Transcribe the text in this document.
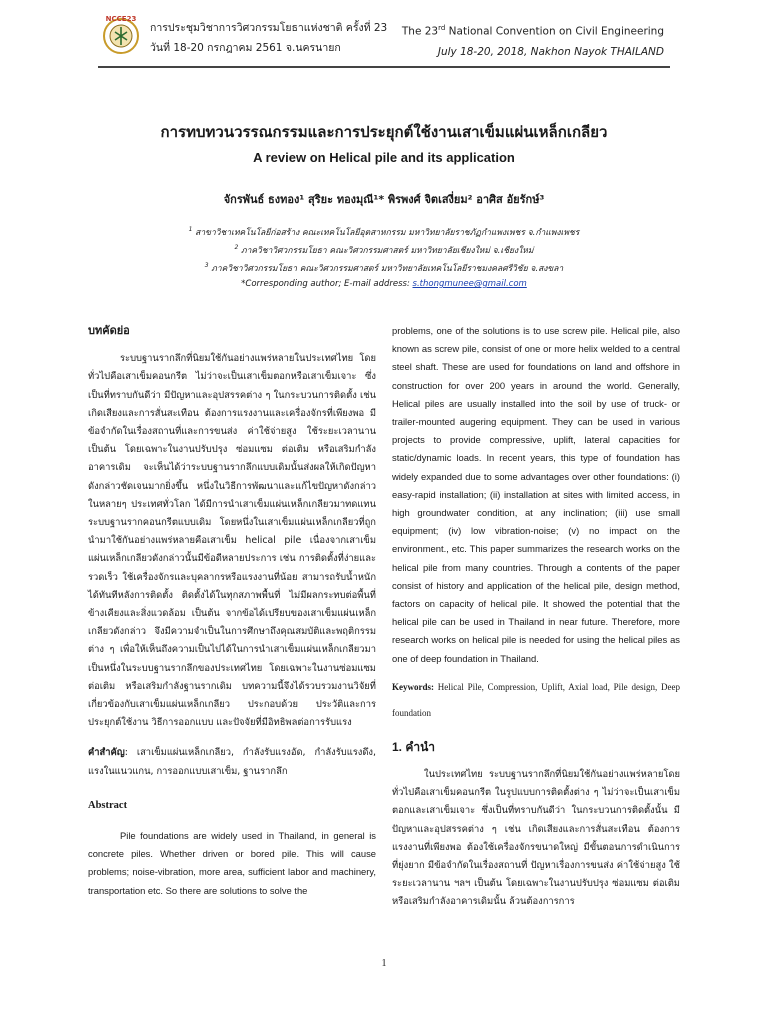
NCCE23
การประชุมวิชาการวิศวกรรมโยธาแห่งชาติ ครั้งที่ 23
วันที่ 18-20 กรกฎาคม 2561 จ.นครนายก
The 23rd National Convention on Civil Engineering
July 18-20, 2018, Nakhon Nayok THAILAND
การทบทวนวรรณกรรมและการประยุกต์ใช้งานเสาเข็มแผ่นเหล็กเกลียว
A review on Helical pile and its application
จักรพันธ์ ธงทอง¹ สุริยะ ทองมุณี¹* พิรพงศ์ จิตเสงี่ยม² อาศิส อัยรักษ์³
$^1$ สาขาวิชาเทคโนโลยีก่อสร้าง คณะเทคโนโลยีอุตสาหกรรม มหาวิทยาลัยราชภัฏกำแพงเพชร จ.กำแพงเพชร
$^2$ ภาควิชาวิศวกรรมโยธา คณะวิศวกรรมศาสตร์ มหาวิทยาลัยเชียงใหม่ จ.เชียงใหม่
$^3$ ภาควิชาวิศวกรรมโยธา คณะวิศวกรรมศาสตร์ มหาวิทยาลัยเทคโนโลยีราชมงคลศรีวิชัย จ.สงขลา
*Corresponding author; E-mail address: s.thongmunee@gmail.com
บทคัดย่อ

ระบบฐานรากลึกที่นิยมใช้กันอย่างแพร่หลายในประเทศไทย โดยทั่วไปคือเสาเข็มคอนกรีต ไม่ว่าจะเป็นเสาเข็มตอกหรือเสาเข็มเจาะ ซึ่งเป็นที่ทราบกันดีว่า มีปัญหาและอุปสรรคต่าง ๆ ในกระบวนการติดตั้ง เช่น เกิดเสียงและการสั่นสะเทือน ต้องการแรงงานและเครื่องจักรที่เพียงพอ มีข้อจำกัดในเรื่องสถานที่และการขนส่ง ค่าใช้จ่ายสูง ใช้ระยะเวลานาน เป็นต้น โดยเฉพาะในงานปรับปรุง ซ่อมแซม ต่อเติม หรือเสริมกำลังอาคารเดิม จะเห็นได้ว่าระบบฐานรากลึกแบบเดิมนั้นส่งผลให้เกิดปัญหาดังกล่าวชัดเจนมากยิ่งขึ้น หนึ่งในวิธีการพัฒนาและแก้ไขปัญหาดังกล่าว ในหลายๆ ประเทศทั่วโลก ได้มีการนำเสาเข็มแผ่นเหล็กเกลียวมาทดแทนระบบฐานรากคอนกรีตแบบเดิม โดยหนึ่งในเสาเข็มแผ่นเหล็กเกลียวที่ถูกนำมาใช้กันอย่างแพร่หลายคือเสาเข็ม helical pile เนื่องจากเสาเข็มแผ่นเหล็กเกลียวดังกล่าวนั้นมีข้อดีหลายประการ เช่น การติดตั้งที่ง่ายและรวดเร็ว ใช้เครื่องจักรและบุคลากรหรือแรงงานที่น้อย สามารถรับน้ำหนักได้ทันทีหลังการติดตั้ง ติดตั้งได้ในทุกสภาพพื้นที่ ไม่มีผลกระทบต่อพื้นที่ข้างเคียงและสิ่งแวดล้อม เป็นต้น จากข้อได้เปรียบของเสาเข็มแผ่นเหล็กเกลียวดังกล่าว จึงมีความจำเป็นในการศึกษาถึงคุณสมบัติและพฤติกรรมต่าง ๆ เพื่อให้เห็นถึงความเป็นไปได้ในการนำเสาเข็มแผ่นเหล็กเกลียวมาเป็นหนึ่งในระบบฐานรากลึกของประเทศไทย โดยเฉพาะในงานซ่อมแซม ต่อเติม หรือเสริมกำลังฐานรากเดิม บทความนี้จึงได้รวบรวมงานวิจัยที่เกี่ยวข้องกับเสาเข็มแผ่นเหล็กเกลียว ประกอบด้วย ประวัติและการประยุกต์ใช้งาน วิธีการออกแบบ และปัจจัยที่มีอิทธิพลต่อการรับแรง

คำสำคัญ: เสาเข็มแผ่นเหล็กเกลียว, กำลังรับแรงอัด, กำลังรับแรงดึง, แรงในแนวแกน, การออกแบบเสาเข็ม, ฐานรากลึก

Abstract

Pile foundations are widely used in Thailand, in general is concrete piles. Whether driven or bored pile. This will cause problems; noise-vibration, more area, sufficient labor and machinery, transportation etc. So there are solutions to solve the

problems, one of the solutions is to use screw pile. Helical pile, also known as screw pile, consist of one or more helix welded to a central steel shaft. These are used for foundations on land and offshore in construction for over 200 years in around the world. Generally, Helical piles are usually installed into the soil by use of truck- or trailer-mounted augering equipment. They can be used in various projects to provide compressive, uplift, lateral capacities for static/dynamic loads. In recent years, this type of foundation has widely expanded due to some advantages over other foundations: (i) easy-rapid installation; (ii) installation at sites with limited access, in high groundwater condition, at any inclination; (iii) use small equipment; (iv) low vibration-noise; (v) no impact on the environment., etc. This paper summarizes the research works on the helical pile from many countries. Through a contents of the paper consist of history and application of the helical pile, design method, factors on capacity of helical pile. It showed the potential that the helical pile can be used in Thailand in near future. Therefore, more research works on helical pile is needed for using the helical piles as one of deep foundation in Thailand.

Keywords: Helical Pile, Compression, Uplift, Axial load, Pile design, Deep foundation
1. คำนำ

ในประเทศไทย ระบบฐานรากลึกที่นิยมใช้กันอย่างแพร่หลายโดยทั่วไปคือเสาเข็มคอนกรีต ในรูปแบบการติดตั้งต่าง ๆ ไม่ว่าจะเป็นเสาเข็มตอกและเสาเข็มเจาะ ซึ่งเป็นที่ทราบกันดีว่า ในกระบวนการติดตั้งนั้น มีปัญหาและอุปสรรคต่าง ๆ เช่น เกิดเสียงและการสั่นสะเทือน ต้องการแรงงานที่เพียงพอ ต้องใช้เครื่องจักรขนาดใหญ่ มีขั้นตอนการดำเนินการที่ยุ่งยาก มีข้อจำกัดในเรื่องสถานที่ ปัญหาเรื่องการขนส่ง ค่าใช้จ่ายสูง ใช้ระยะเวลานาน ฯลฯ เป็นต้น โดยเฉพาะในงานปรับปรุง ซ่อมแซม ต่อเติม หรือเสริมกำลังอาคารเดิมนั้น ล้วนต้องการการ

1
